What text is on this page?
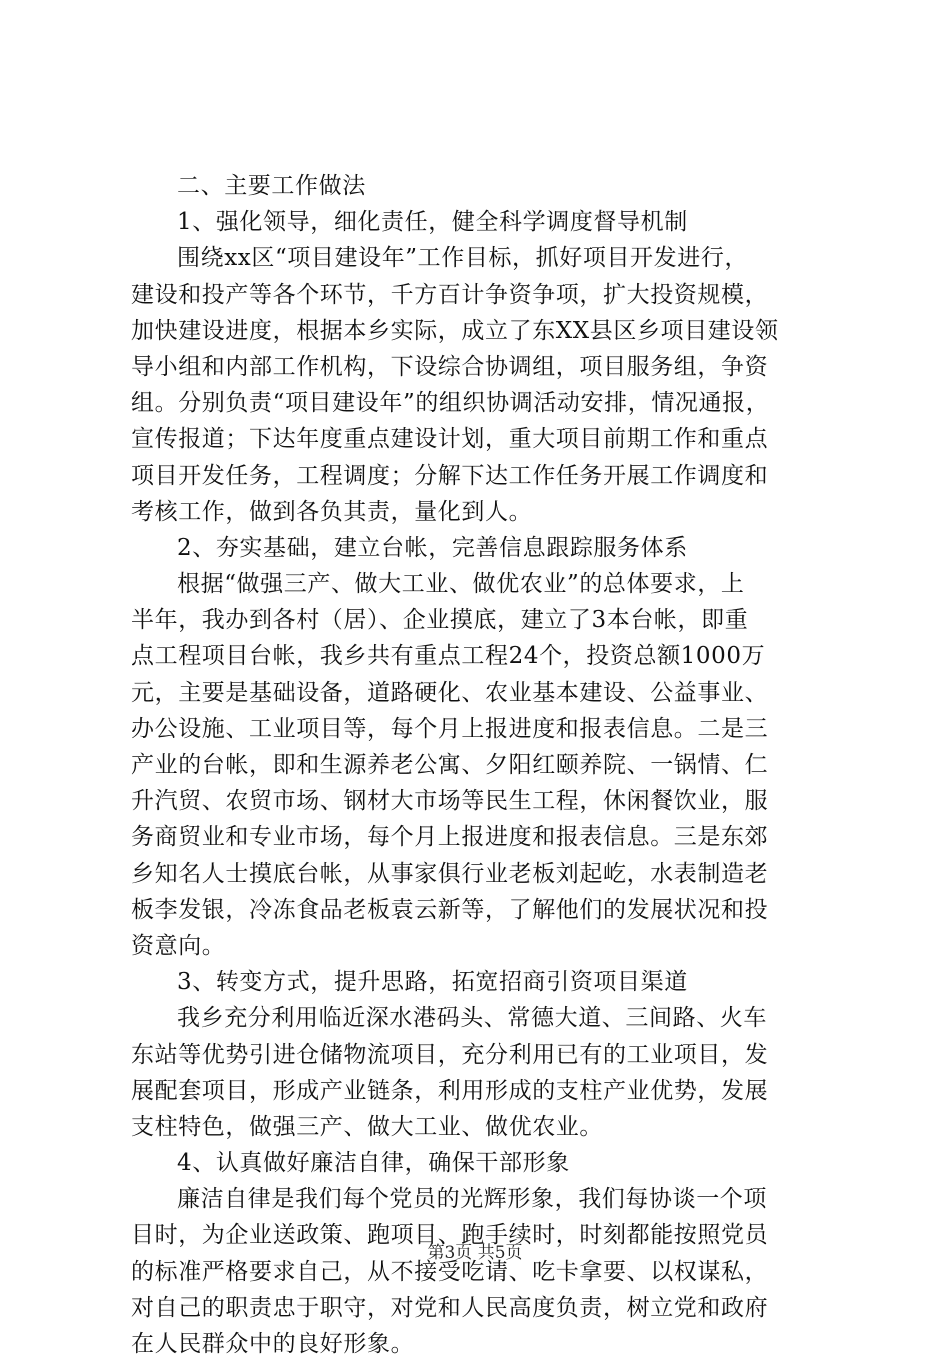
二、主要工作做法
1、强化领导，细化责任，健全科学调度督导机制
围绕xx区“项目建设年”工作目标，抓好项目开发进行，
建设和投产等各个环节，千方百计争资争项，扩大投资规模，
加快建设进度，根据本乡实际，成立了东XX县区乡项目建设领
导小组和内部工作机构，下设综合协调组，项目服务组，争资
组。分别负责“项目建设年”的组织协调活动安排，情况通报，
宣传报道；下达年度重点建设计划，重大项目前期工作和重点
项目开发任务，工程调度；分解下达工作任务开展工作调度和
考核工作，做到各负其责，量化到人。
2、夯实基础，建立台帐，完善信息跟踪服务体系
根据“做强三产、做大工业、做优农业”的总体要求，上
半年，我办到各村（居）、企业摸底，建立了3本台帐，即重
点工程项目台帐，我乡共有重点工程24个，投资总额1000万
元，主要是基础设备，道路硬化、农业基本建设、公益事业、
办公设施、工业项目等，每个月上报进度和报表信息。二是三
产业的台帐，即和生源养老公寓、夕阳红颐养院、一锅情、仁
升汽贸、农贸市场、钢材大市场等民生工程，休闲餐饮业，服
务商贸业和专业市场，每个月上报进度和报表信息。三是东郊
乡知名人士摸底台帐，从事家俱行业老板刘起屹，水表制造老
板李发银，冷冻食品老板袁云新等，了解他们的发展状况和投
资意向。
3、转变方式，提升思路，拓宽招商引资项目渠道
我乡充分利用临近深水港码头、常德大道、三间路、火车
东站等优势引进仓储物流项目，充分利用已有的工业项目，发
展配套项目，形成产业链条，利用形成的支柱产业优势，发展
支柱特色，做强三产、做大工业、做优农业。
4、认真做好廉洁自律，确保干部形象
廉洁自律是我们每个党员的光辉形象，我们每协谈一个项
目时，为企业送政策、跑项目、跑手续时，时刻都能按照党员
的标准严格要求自己，从不接受吃请、吃卡拿要、以权谋私，
对自己的职责忠于职守，对党和人民高度负责，树立党和政府
在人民群众中的良好形象。
第3页 共5页
